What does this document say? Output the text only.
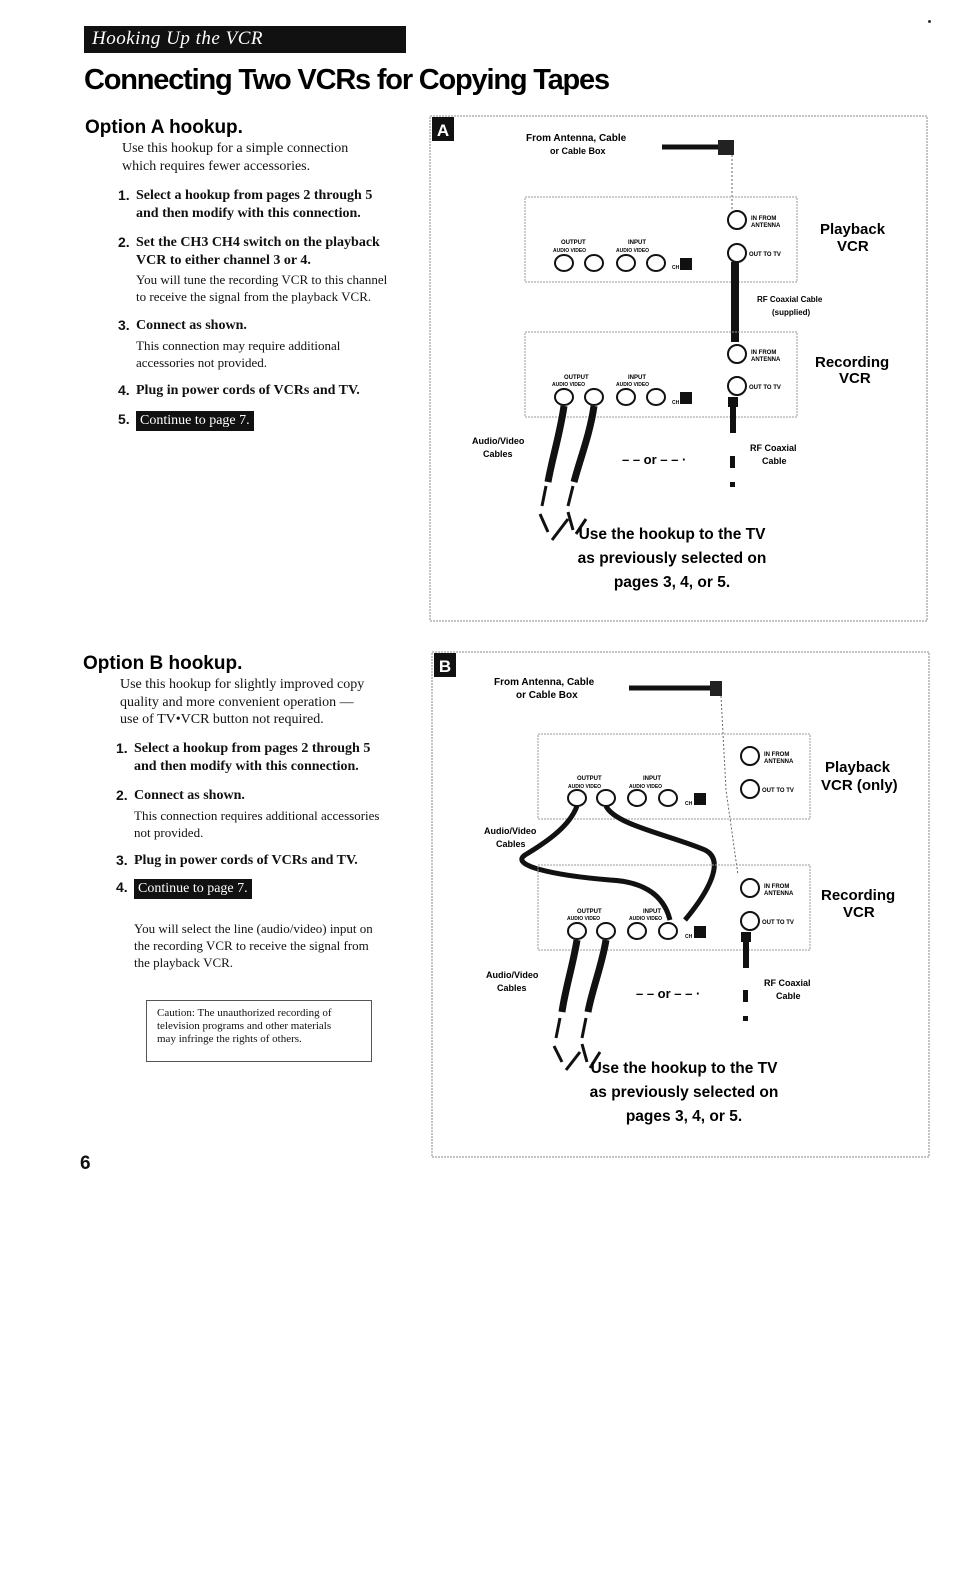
Hooking Up the VCR
Connecting Two VCRs for Copying Tapes
Option A hookup.
Use this hookup for a simple connection
which requires fewer accessories.
1. Select a hookup from pages 2 through 5
and then modify with this connection.
2. Set the CH3 CH4 switch on the playback
VCR to either channel 3 or 4.
You will tune the recording VCR to this channel
to receive the signal from the playback VCR.
3. Connect as shown.
This connection may require additional
accessories not provided.
4. Plug in power cords of VCRs and TV.
5. Continue to page 7.
Option B hookup.
Use this hookup for slightly improved copy
quality and more convenient operation —
use of TV•VCR button not required.
1. Select a hookup from pages 2 through 5
and then modify with this connection.
2. Connect as shown.
This connection requires additional accessories
not provided.
3. Plug in power cords of VCRs and TV.
4. Continue to page 7.
You will select the line (audio/video) input on
the recording VCR to receive the signal from
the playback VCR.
Caution: The unauthorized recording of
television programs and other materials
may infringe the rights of others.
6
A	From Antenna, Cable
or Cable Box
OUTPUT
AUDIO VIDEO
INPUT
AUDIO VIDEO
CH
IN FROM
ANTENNA
OUT TO TV
Playback
VCR
RF Coaxial Cable
(supplied)
OUTPUT
AUDIO VIDEO
INPUT
AUDIO VIDEO
CH
IN FROM
ANTENNA
OUT TO TV
Recording
VCR
Audio/Video
Cables
RF Coaxial
Cable
– – or – – ·
Use the hookup to the TV
as previously selected on
pages 3, 4, or 5.
B
From Antenna, Cable
or Cable Box
OUTPUT
AUDIO VIDEO
INPUT
AUDIO VIDEO
CH
IN FROM
ANTENNA
OUT TO TV
Playback
VCR (only)
Audio/Video
Cables
OUTPUT
AUDIO VIDEO
INPUT
AUDIO VIDEO
CH
IN FROM
ANTENNA
OUT TO TV
Recording
VCR
Audio/Video
Cables	RF Coaxial
Cable
– – or – – ·
Use the hookup to the TV
as previously selected on
pages 3, 4, or 5.
